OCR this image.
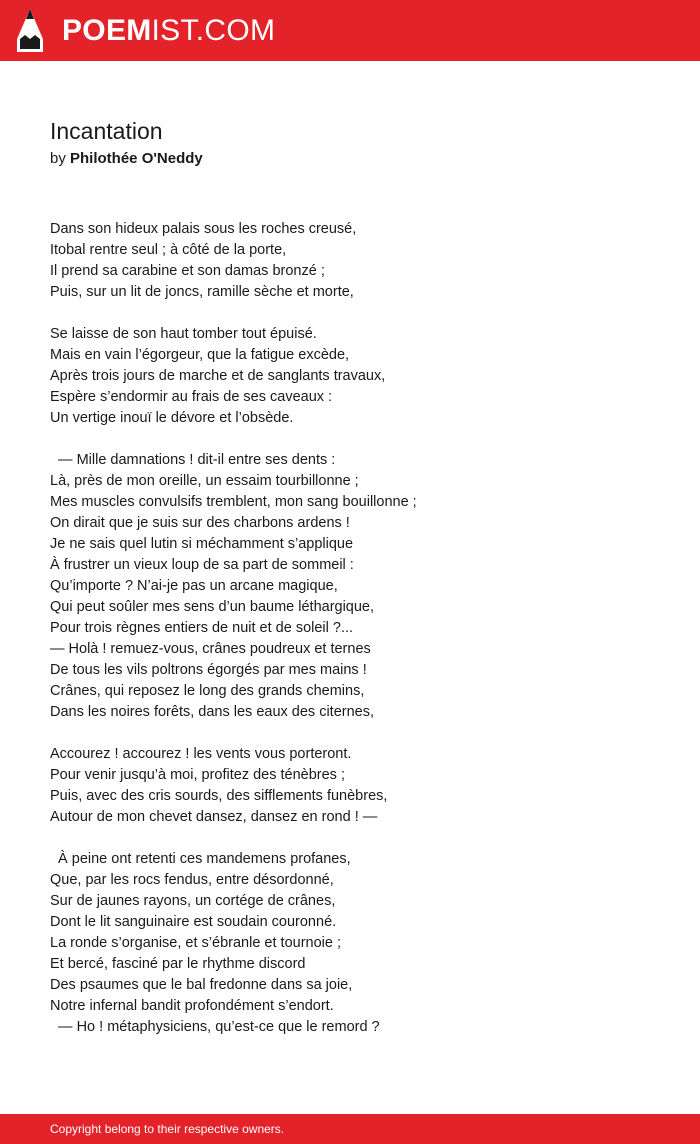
POEMIST.COM
Incantation
by Philothée O'Neddy
Dans son hideux palais sous les roches creusé,
Itobal rentre seul ; à côté de la porte,
Il prend sa carabine et son damas bronzé ;
Puis, sur un lit de joncs, ramille sèche et morte,
Se laisse de son haut tomber tout épuisé.
Mais en vain l’égorgeur, que la fatigue excède,
Après trois jours de marche et de sanglants travaux,
Espère s’endormir au frais de ses caveaux :
Un vertige inouï le dévore et l’obsède.
— Mille damnations ! dit-il entre ses dents :
Là, près de mon oreille, un essaim tourbillonne ;
Mes muscles convulsifs tremblent, mon sang bouillonne ;
On dirait que je suis sur des charbons ardens !
Je ne sais quel lutin si méchamment s’applique
À frustrer un vieux loup de sa part de sommeil :
Qu’importe ? N’ai-je pas un arcane magique,
Qui peut soûler mes sens d’un baume léthargique,
Pour trois règnes entiers de nuit et de soleil ?...
— Holà ! remuez-vous, crânes poudreux et ternes
De tous les vils poltrons égorgés par mes mains !
Crânes, qui reposez le long des grands chemins,
Dans les noires forêts, dans les eaux des citernes,
Accourez ! accourez ! les vents vous porteront.
Pour venir jusqu’à moi, profitez des ténèbres ;
Puis, avec des cris sourds, des sifflements funèbres,
Autour de mon chevet dansez, dansez en rond ! —
À peine ont retenti ces mandemens profanes,
Que, par les rocs fendus, entre désordonné,
Sur de jaunes rayons, un cortége de crânes,
Dont le lit sanguinaire est soudain couronné.
La ronde s’organise, et s’ébranle et tournoie ;
Et bercé, fasciné par le rhythme discord
Des psaumes que le bal fredonne dans sa joie,
Notre infernal bandit profondément s’endort.
— Ho ! métaphysiciens, qu’est-ce que le remord ?
Copyright belong to their respective owners.
